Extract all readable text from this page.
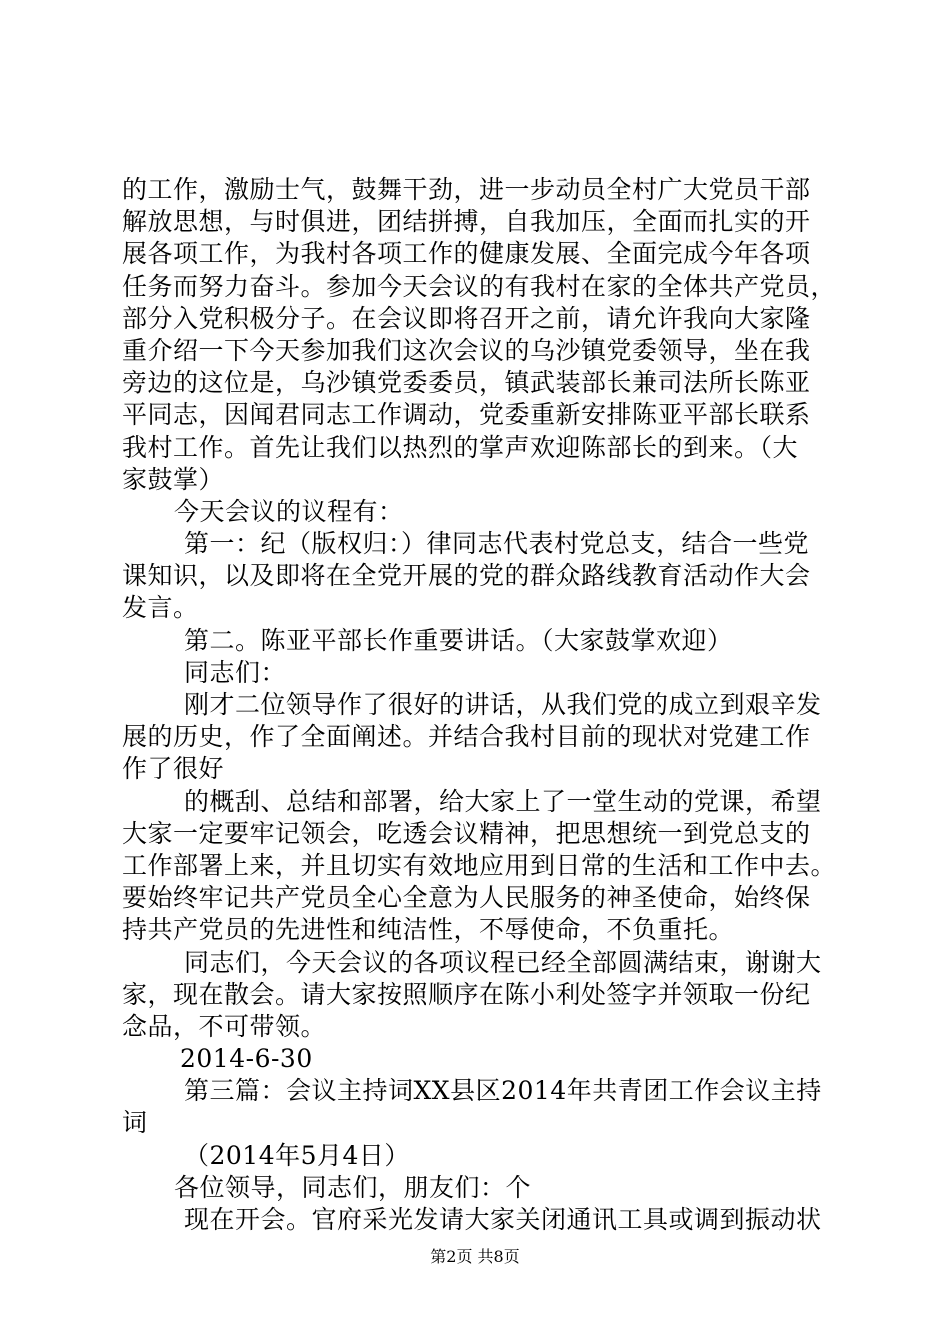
的工作，激励士气，鼓舞干劲，进一步动员全村广大党员干部
解放思想，与时俱进，团结拼搏，自我加压，全面而扎实的开
展各项工作，为我村各项工作的健康发展、全面完成今年各项
任务而努力奋斗。参加今天会议的有我村在家的全体共产党员，
部分入党积极分子。在会议即将召开之前，请允许我向大家隆
重介绍一下今天参加我们这次会议的乌沙镇党委领导，坐在我
旁边的这位是，乌沙镇党委委员，镇武装部长兼司法所长陈亚
平同志，因闻君同志工作调动，党委重新安排陈亚平部长联系
我村工作。首先让我们以热烈的掌声欢迎陈部长的到来。（大
家鼓掌）
今天会议的议程有：
第一：纪（版权归：）律同志代表村党总支，结合一些党
课知识，以及即将在全党开展的党的群众路线教育活动作大会
发言。
第二。陈亚平部长作重要讲话。（大家鼓掌欢迎）
同志们：
刚才二位领导作了很好的讲话，从我们党的成立到艰辛发
展的历史，作了全面阐述。并结合我村目前的现状对党建工作
作了很好
的概刮、总结和部署，给大家上了一堂生动的党课，希望
大家一定要牢记领会，吃透会议精神，把思想统一到党总支的
工作部署上来，并且切实有效地应用到日常的生活和工作中去。
要始终牢记共产党员全心全意为人民服务的神圣使命，始终保
持共产党员的先进性和纯洁性，不辱使命，不负重托。
同志们，今天会议的各项议程已经全部圆满结束，谢谢大
家，现在散会。请大家按照顺序在陈小利处签字并领取一份纪
念品，不可带领。
2014-6-30
第三篇：会议主持词XX县区2014年共青团工作会议主持
词
（2014年5月4日）
各位领导，同志们，朋友们：个
现在开会。官府采光发请大家关闭通讯工具或调到振动状
第2页 共8页
